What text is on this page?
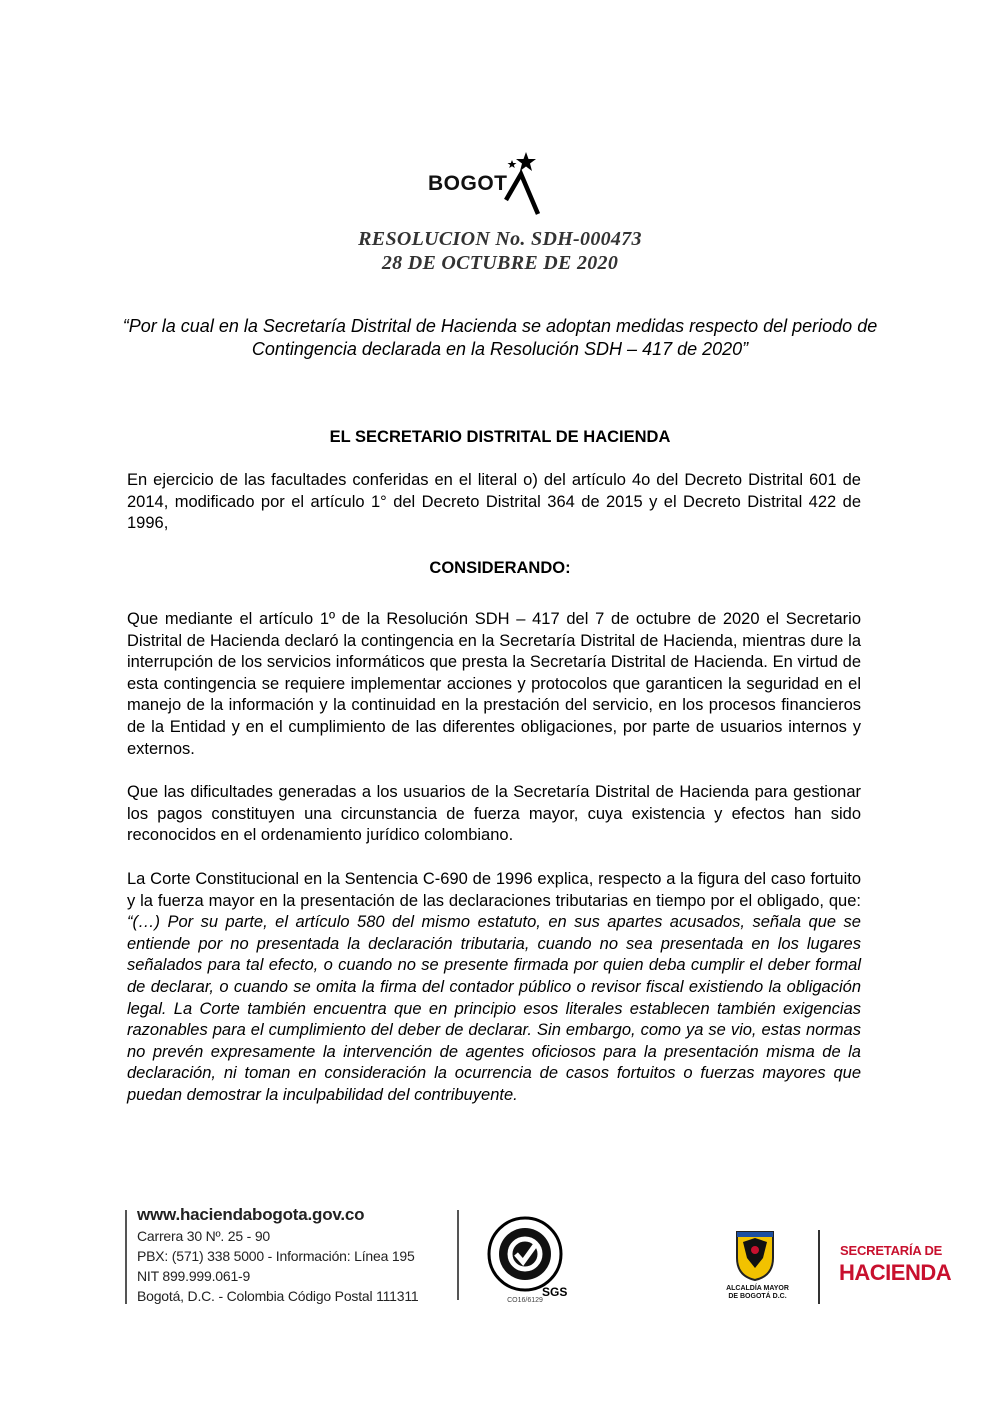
BOGOT
RESOLUCION No. SDH-000473
28 DE OCTUBRE DE 2020
“Por la cual en la Secretaría Distrital de Hacienda se adoptan medidas respecto del periodo de Contingencia declarada en la Resolución SDH – 417 de 2020”
EL SECRETARIO DISTRITAL DE HACIENDA
En ejercicio de las facultades conferidas en el literal o) del artículo 4o del Decreto Distrital 601 de 2014, modificado por el artículo 1° del Decreto Distrital 364 de 2015 y el Decreto Distrital 422 de 1996,
CONSIDERANDO:
Que mediante el artículo 1º de la Resolución SDH – 417 del 7 de octubre de 2020 el Secretario Distrital de Hacienda declaró la contingencia en la Secretaría Distrital de Hacienda, mientras dure la interrupción de los servicios informáticos que presta la Secretaría Distrital de Hacienda. En virtud de esta contingencia se requiere implementar acciones y protocolos que garanticen la seguridad en el manejo de la información y la continuidad en la prestación del servicio, en los procesos financieros de la Entidad y en el cumplimiento de las diferentes obligaciones, por parte de usuarios internos y externos.
Que las dificultades generadas a los usuarios de la Secretaría Distrital de Hacienda para gestionar los pagos constituyen una circunstancia de fuerza mayor, cuya existencia y efectos han sido reconocidos en el ordenamiento jurídico colombiano.
La Corte Constitucional en la Sentencia C-690 de 1996 explica, respecto a la figura del caso fortuito y la fuerza mayor en la presentación de las declaraciones tributarias en tiempo por el obligado, que: “(…) Por su parte, el artículo 580 del mismo estatuto, en sus apartes acusados, señala que se entiende por no presentada la declaración tributaria, cuando no sea presentada en los lugares señalados para tal efecto, o cuando no se presente firmada por quien deba cumplir el deber formal de declarar, o cuando se omita la firma del contador público o revisor fiscal existiendo la obligación legal. La Corte también encuentra que en principio esos literales establecen también exigencias razonables para el cumplimiento del deber de declarar. Sin embargo, como ya se vio, estas normas no prevén expresamente la intervención de agentes oficiosos para la presentación misma de la declaración, ni toman en consideración la ocurrencia de casos fortuitos o fuerzas mayores que puedan demostrar la inculpabilidad del contribuyente.
www.haciendabogota.gov.co
Carrera 30 Nº. 25 - 90
PBX: (571) 338 5000 - Información: Línea 195
NIT 899.999.061-9
Bogotá, D.C. - Colombia Código Postal 111311	SGS
CO16/6129
ALCALDÍA MAYOR
DE BOGOTÁ D.C.
SECRETARÍA DE
HACIENDA
